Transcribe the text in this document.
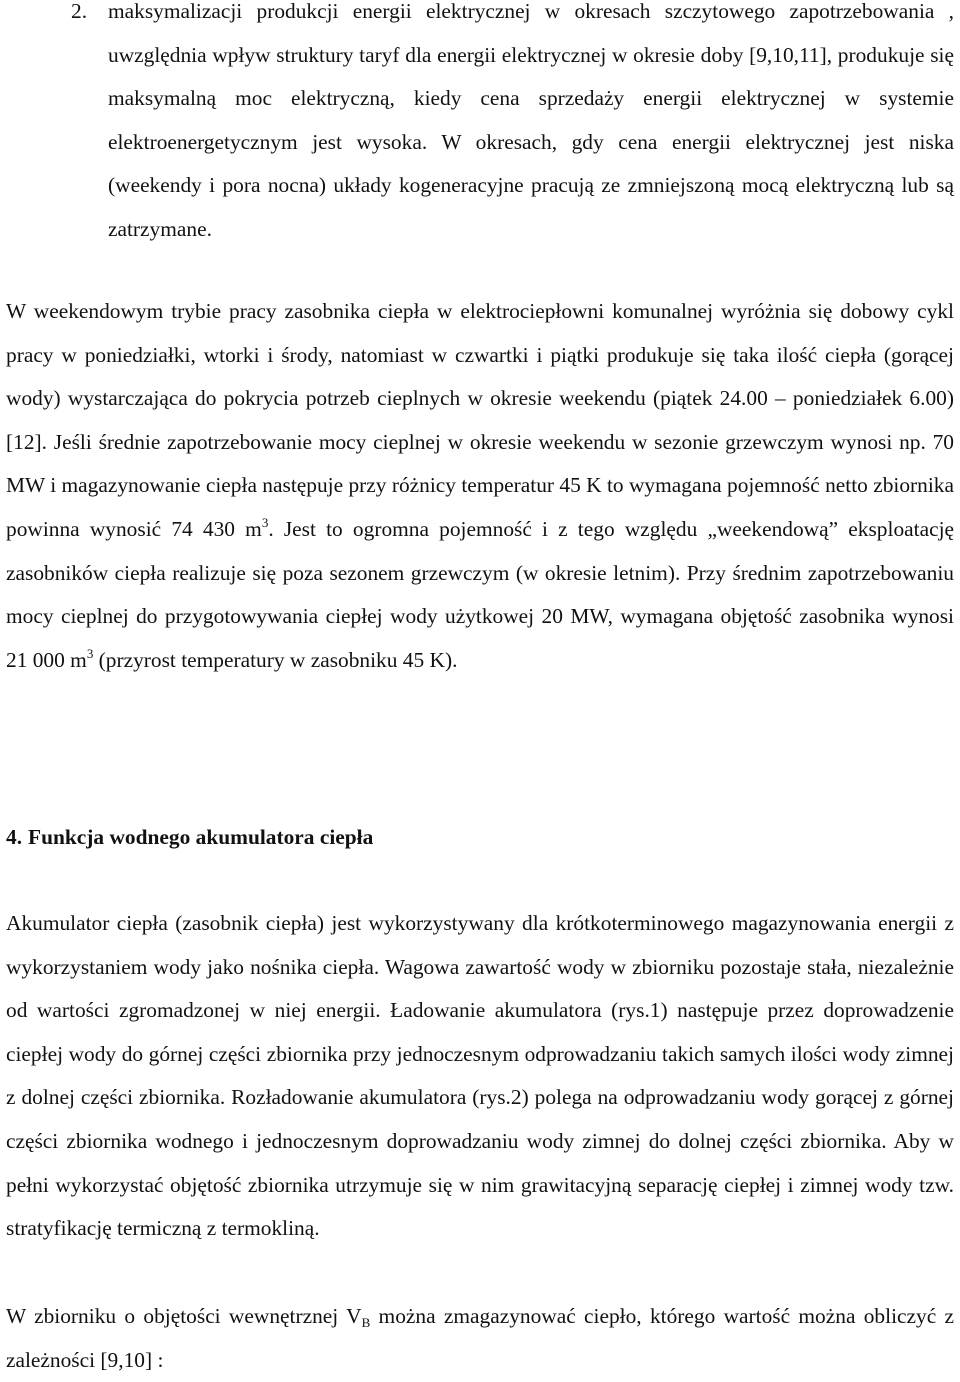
2. maksymalizacji produkcji energii elektrycznej w okresach szczytowego zapotrzebowania , uwzględnia wpływ struktury taryf dla energii elektrycznej w okresie doby [9,10,11], produkuje się maksymalną moc elektryczną, kiedy cena sprzedaży energii elektrycznej w systemie elektroenergetycznym jest wysoka. W okresach, gdy cena energii elektrycznej jest niska (weekendy i pora nocna) układy kogeneracyjne pracują ze zmniejszoną mocą elektryczną lub są zatrzymane.

W weekendowym trybie pracy zasobnika ciepła w elektrociepłowni komunalnej wyróżnia się dobowy cykl pracy w poniedziałki, wtorki i środy, natomiast w czwartki i piątki produkuje się taka ilość ciepła (gorącej wody) wystarczająca do pokrycia potrzeb cieplnych w okresie weekendu (piątek 24.00 – poniedziałek 6.00) [12]. Jeśli średnie zapotrzebowanie mocy cieplnej w okresie weekendu w sezonie grzewczym wynosi np. 70 MW i magazynowanie ciepła następuje przy różnicy temperatur 45 K to wymagana pojemność netto zbiornika powinna wynosić 74 430 $m^3$. Jest to ogromna pojemność i z tego względu „weekendową” eksploatację zasobników ciepła realizuje się poza sezonem grzewczym (w okresie letnim). Przy średnim zapotrzebowaniu mocy cieplnej do przygotowywania ciepłej wody użytkowej 20 MW, wymagana objętość zasobnika wynosi 21 000 $m^3$ (przyrost temperatury w zasobniku 45 K).

4. Funkcja wodnego akumulatora ciepła

Akumulator ciepła (zasobnik ciepła) jest wykorzystywany dla krótkoterminowego magazynowania energii z wykorzystaniem wody jako nośnika ciepła. Wagowa zawartość wody w zbiorniku pozostaje stała, niezależnie od wartości zgromadzonej w niej energii. Ładowanie akumulatora (rys.1) następuje przez doprowadzenie ciepłej wody do górnej części zbiornika przy jednoczesnym odprowadzaniu takich samych ilości wody zimnej z dolnej części zbiornika. Rozładowanie akumulatora (rys.2) polega na odprowadzaniu wody gorącej z górnej części zbiornika wodnego i jednoczesnym doprowadzaniu wody zimnej do dolnej części zbiornika. Aby w pełni wykorzystać objętość zbiornika utrzymuje się w nim grawitacyjną separację ciepłej i zimnej wody tzw. stratyfikację termiczną z termokliną.

W zbiorniku o objętości wewnętrznej $V_B$ można zmagazynować ciepło, którego wartość można obliczyć z zależności [9,10] :
